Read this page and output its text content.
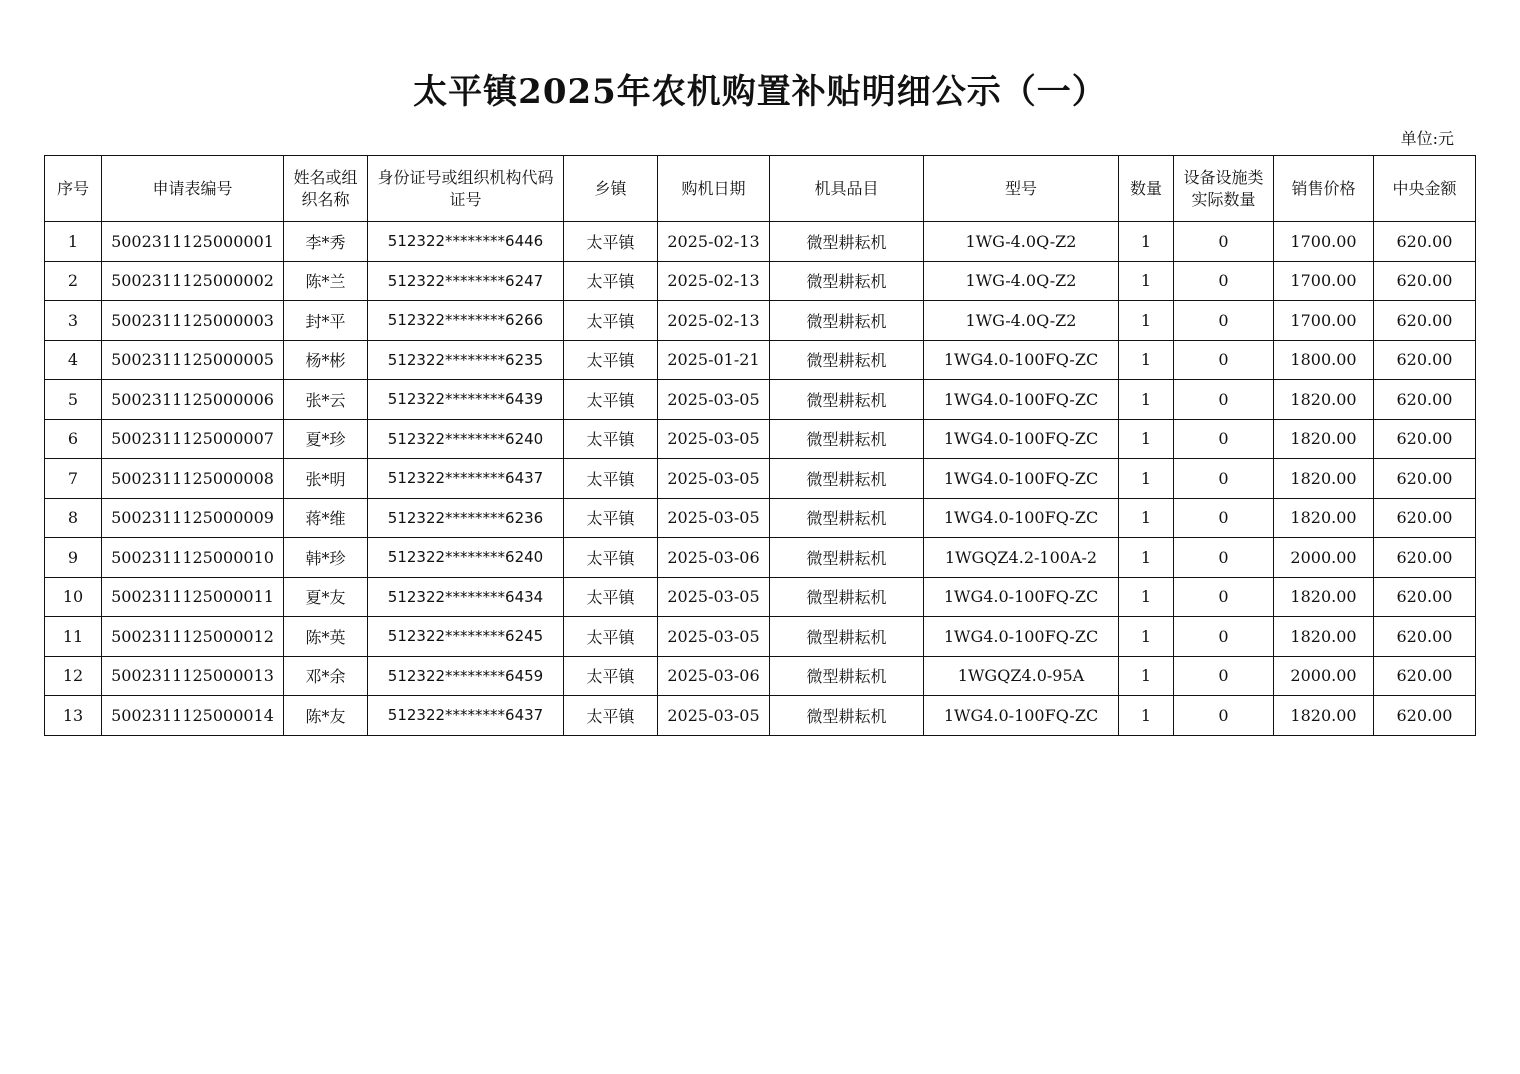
太平镇2025年农机购置补贴明细公示（一）
单位:元
序号	申请表编号	姓名或组织名称	身份证号或组织机构代码证号	乡镇	购机日期	机具品目	型号	数量	设备设施类实际数量	销售价格	中央金额
1	5002311125000001	李*秀	512322********6446	太平镇	2025-02-13	微型耕耘机	1WG-4.0Q-Z2	1	0	1700.00	620.00
2	5002311125000002	陈*兰	512322********6247	太平镇	2025-02-13	微型耕耘机	1WG-4.0Q-Z2	1	0	1700.00	620.00
3	5002311125000003	封*平	512322********6266	太平镇	2025-02-13	微型耕耘机	1WG-4.0Q-Z2	1	0	1700.00	620.00
4	5002311125000005	杨*彬	512322********6235	太平镇	2025-01-21	微型耕耘机	1WG4.0-100FQ-ZC	1	0	1800.00	620.00
5	5002311125000006	张*云	512322********6439	太平镇	2025-03-05	微型耕耘机	1WG4.0-100FQ-ZC	1	0	1820.00	620.00
6	5002311125000007	夏*珍	512322********6240	太平镇	2025-03-05	微型耕耘机	1WG4.0-100FQ-ZC	1	0	1820.00	620.00
7	5002311125000008	张*明	512322********6437	太平镇	2025-03-05	微型耕耘机	1WG4.0-100FQ-ZC	1	0	1820.00	620.00
8	5002311125000009	蒋*维	512322********6236	太平镇	2025-03-05	微型耕耘机	1WG4.0-100FQ-ZC	1	0	1820.00	620.00
9	5002311125000010	韩*珍	512322********6240	太平镇	2025-03-06	微型耕耘机	1WGQZ4.2-100A-2	1	0	2000.00	620.00
10	5002311125000011	夏*友	512322********6434	太平镇	2025-03-05	微型耕耘机	1WG4.0-100FQ-ZC	1	0	1820.00	620.00
11	5002311125000012	陈*英	512322********6245	太平镇	2025-03-05	微型耕耘机	1WG4.0-100FQ-ZC	1	0	1820.00	620.00
12	5002311125000013	邓*余	512322********6459	太平镇	2025-03-06	微型耕耘机	1WGQZ4.0-95A	1	0	2000.00	620.00
13	5002311125000014	陈*友	512322********6437	太平镇	2025-03-05	微型耕耘机	1WG4.0-100FQ-ZC	1	0	1820.00	620.00
